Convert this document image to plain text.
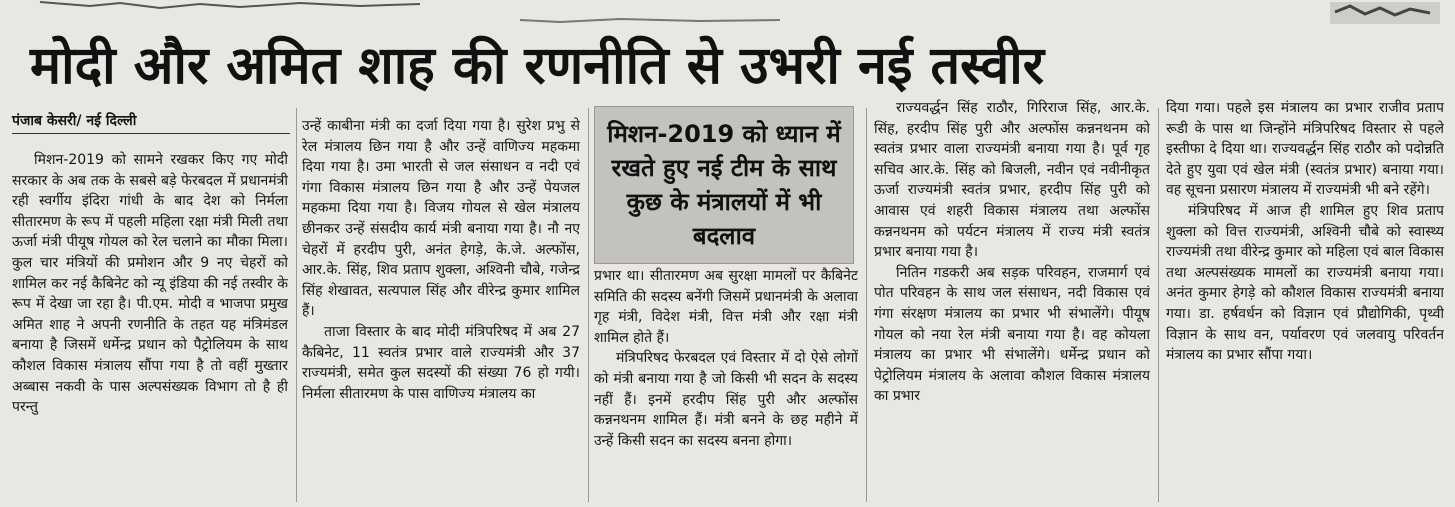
मोदी और अमित शाह की रणनीति से उभरी नई तस्वीर
पंजाब केसरी/ नई दिल्ली

मिशन-2019 को सामने रखकर किए गए मोदी सरकार के अब तक के सबसे बड़े फेरबदल में प्रधानमंत्री रही स्वर्गीय इंदिरा गांधी के बाद देश को निर्मला सीतारमण के रूप में पहली महिला रक्षा मंत्री मिली तथा ऊर्जा मंत्री पीयूष गोयल को रेल चलाने का मौका मिला। कुल चार मंत्रियों की प्रमोशन और 9 नए चेहरों को शामिल कर नई कैबिनेट को न्यू इंडिया की नई तस्वीर के रूप में देखा जा रहा है। पी.एम. मोदी व भाजपा प्रमुख अमित शाह ने अपनी रणनीति के तहत यह मंत्रिमंडल बनाया है जिसमें धर्मेन्द्र प्रधान को पैट्रोलियम के साथ कौशल विकास मंत्रालय सौंपा गया है तो वहीं मुख्तार अब्बास नकवी के पास अल्पसंख्यक विभाग तो है ही परन्तु

उन्हें काबीना मंत्री का दर्जा दिया गया है। सुरेश प्रभु से रेल मंत्रालय छिन गया है और उन्हें वाणिज्य महकमा दिया गया है। उमा भारती से जल संसाधन व नदी एवं गंगा विकास मंत्रालय छिन गया है और उन्हें पेयजल महकमा दिया गया है। विजय गोयल से खेल मंत्रालय छीनकर उन्हें संसदीय कार्य मंत्री बनाया गया है। नौ नए चेहरों में हरदीप पुरी, अनंत हेगड़े, के.जे. अल्फोंस, आर.के. सिंह, शिव प्रताप शुक्ला, अश्विनी चौबे, गजेन्द्र सिंह शेखावत, सत्यपाल सिंह और वीरेन्द्र कुमार शामिल हैं।

ताजा विस्तार के बाद मोदी मंत्रिपरिषद में अब 27 कैबिनेट, 11 स्वतंत्र प्रभार वाले राज्यमंत्री और 37 राज्यमंत्री, समेत कुल सदस्यों की संख्या 76 हो गयी। निर्मला सीतारमण के पास वाणिज्य मंत्रालय का

मिशन-2019 को ध्यान में रखते हुए नई टीम के साथ कुछ के मंत्रालयों में भी बदलाव

प्रभार था। सीतारमण अब सुरक्षा मामलों पर कैबिनेट समिति की सदस्य बनेंगी जिसमें प्रधानमंत्री के अलावा गृह मंत्री, विदेश मंत्री, वित्त मंत्री और रक्षा मंत्री शामिल होते हैं।

मंत्रिपरिषद फेरबदल एवं विस्तार में दो ऐसे लोगों को मंत्री बनाया गया है जो किसी भी सदन के सदस्य नहीं हैं। इनमें हरदीप सिंह पुरी और अल्फोंस कन्ननथनम शामिल हैं। मंत्री बनने के छह महीने में उन्हें किसी सदन का सदस्य बनना होगा।

राज्यवर्द्धन सिंह राठौर, गिरिराज सिंह, आर.के. सिंह, हरदीप सिंह पुरी और अल्फोंस कन्ननथनम को स्वतंत्र प्रभार वाला राज्यमंत्री बनाया गया है। पूर्व गृह सचिव आर.के. सिंह को बिजली, नवीन एवं नवीनीकृत ऊर्जा राज्यमंत्री स्वतंत्र प्रभार, हरदीप सिंह पुरी को आवास एवं शहरी विकास मंत्रालय तथा अल्फोंस कन्ननथनम को पर्यटन मंत्रालय में राज्य मंत्री स्वतंत्र प्रभार बनाया गया है।

नितिन गडकरी अब सड़क परिवहन, राजमार्ग एवं पोत परिवहन के साथ जल संसाधन, नदी विकास एवं गंगा संरक्षण मंत्रालय का प्रभार भी संभालेंगे। पीयूष गोयल को नया रेल मंत्री बनाया गया है। वह कोयला मंत्रालय का प्रभार भी संभालेंगे। धर्मेन्द्र प्रधान को पेट्रोलियम मंत्रालय के अलावा कौशल विकास मंत्रालय का प्रभार

दिया गया। पहले इस मंत्रालय का प्रभार राजीव प्रताप रूडी के पास था जिन्होंने मंत्रिपरिषद विस्तार से पहले इस्तीफा दे दिया था। राज्यवर्द्धन सिंह राठौर को पदोन्नति देते हुए युवा एवं खेल मंत्री (स्वतंत्र प्रभार) बनाया गया। वह सूचना प्रसारण मंत्रालय में राज्यमंत्री भी बने रहेंगे।

मंत्रिपरिषद में आज ही शामिल हुए शिव प्रताप शुक्ला को वित्त राज्यमंत्री, अश्विनी चौबे को स्वास्थ्य राज्यमंत्री तथा वीरेन्द्र कुमार को महिला एवं बाल विकास तथा अल्पसंख्यक मामलों का राज्यमंत्री बनाया गया। अनंत कुमार हेगड़े को कौशल विकास राज्यमंत्री बनाया गया। डा. हर्षवर्धन को विज्ञान एवं प्रौद्योगिकी, पृथ्वी विज्ञान के साथ वन, पर्यावरण एवं जलवायु परिवर्तन मंत्रालय का प्रभार सौंपा गया।
